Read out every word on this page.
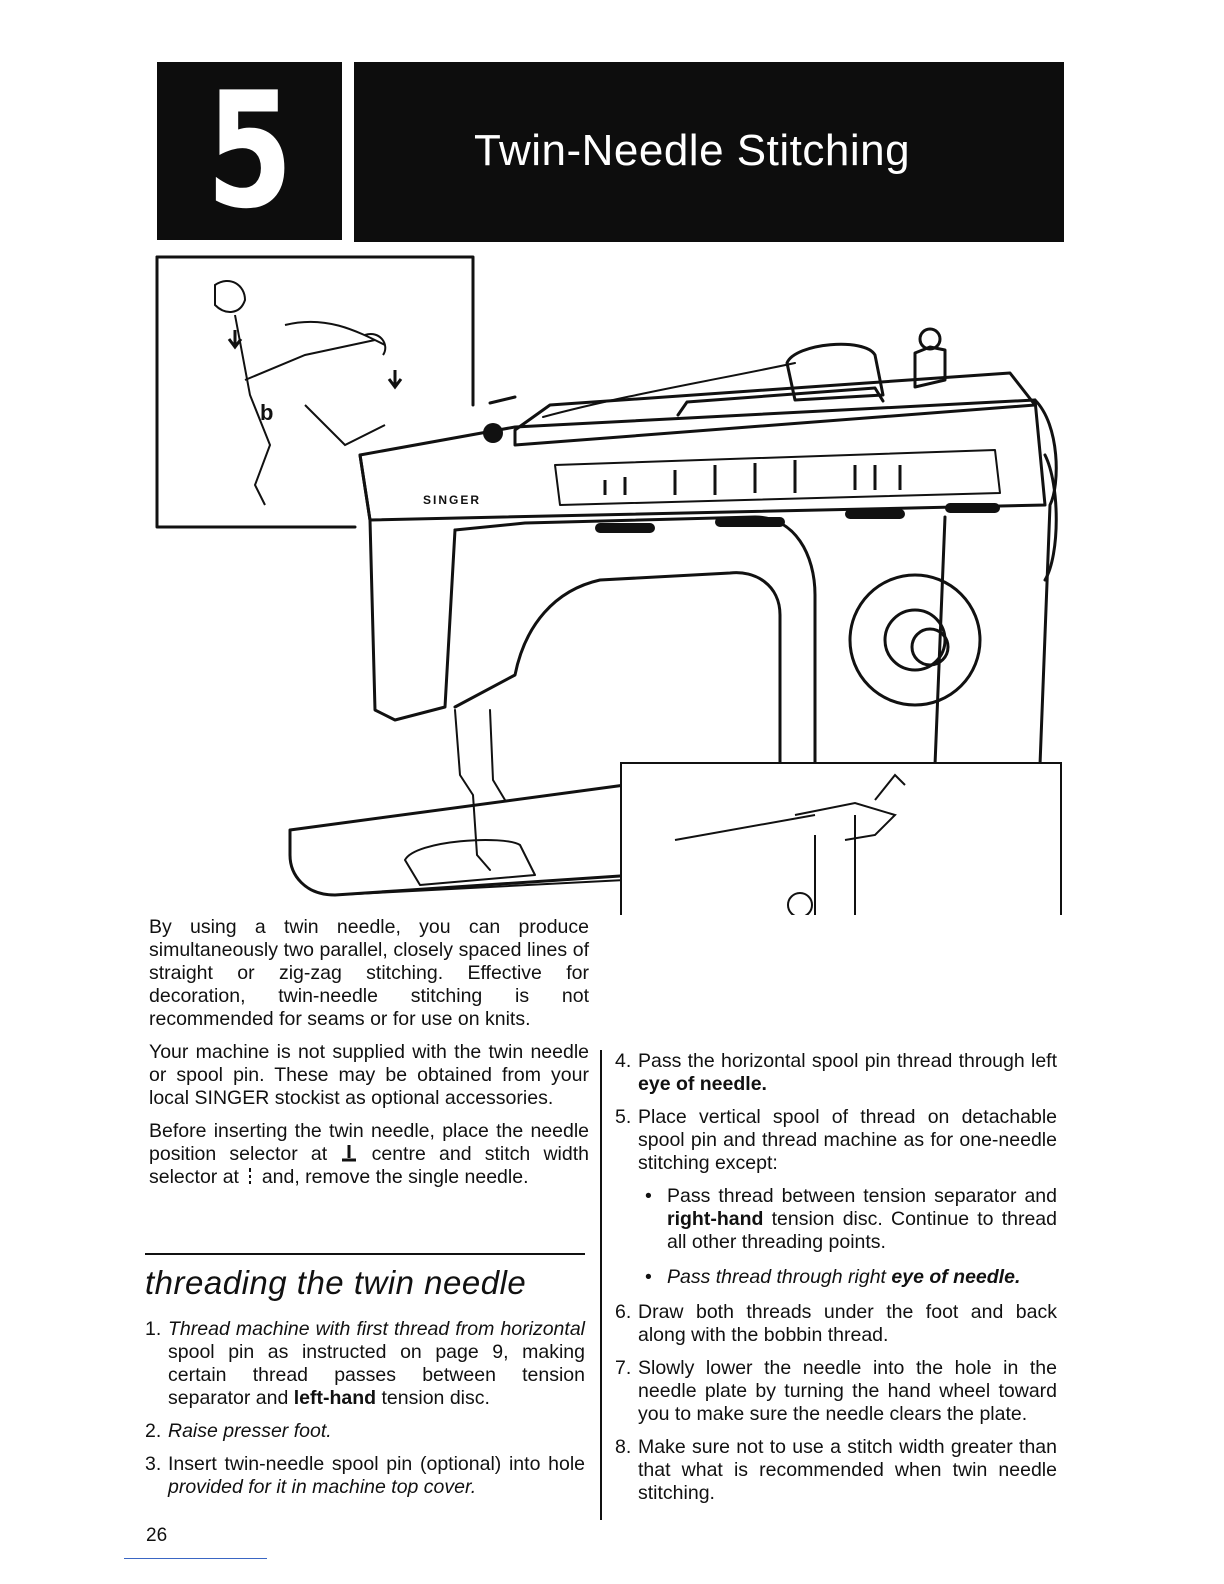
5	Twin-Needle Stitching
SINGER
b

By using a twin needle, you can produce simultaneously two parallel, closely spaced lines of straight or zig-zag stitching. Effective for decoration, twin-needle stitching is not recommended for seams or for use on knits.

Your machine is not supplied with the twin needle or spool pin. These may be obtained from your local SINGER stockist as optional accessories.

Before inserting the twin needle, place the needle position selector at centre and stitch width selector at and, remove the single needle.

threading the twin needle
1. Thread machine with first thread from horizontal spool pin as instructed on page 9, making certain thread passes between tension separator and left-hand tension disc.
2. Raise presser foot.
3. Insert twin-needle spool pin (optional) into hole provided for it in machine top cover.
4. Pass the horizontal spool pin thread through left eye of needle.
5. Place vertical spool of thread on detachable spool pin and thread machine as for one-needle stitching except:
• Pass thread between tension separator and right-hand tension disc. Continue to thread all other threading points.
• Pass thread through right eye of needle.
6. Draw both threads under the foot and back along with the bobbin thread.
7. Slowly lower the needle into the hole in the needle plate by turning the hand wheel toward you to make sure the needle clears the plate.
8. Make sure not to use a stitch width greater than that what is recommended when twin needle stitching.
26
